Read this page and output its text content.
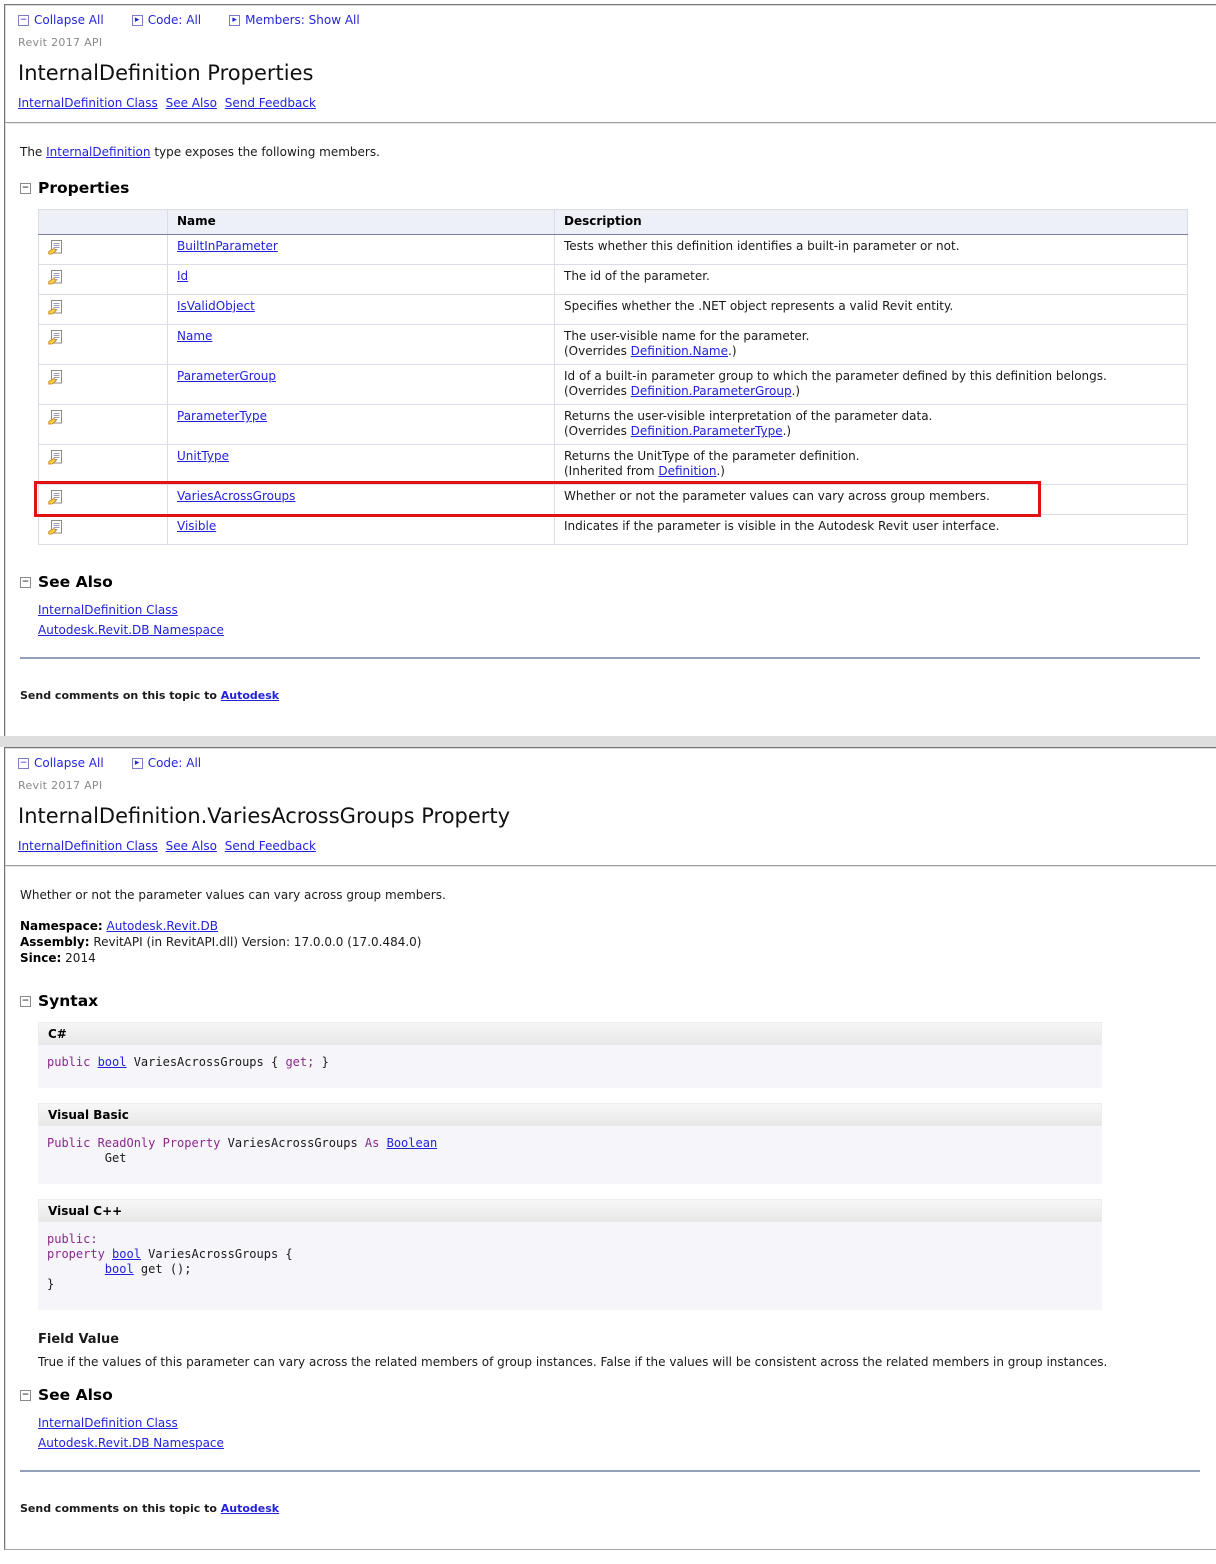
− Collapse All	▸ Code: All	▸ Members: Show All
Revit 2017 API
InternalDefinition Properties
InternalDefinition Class See Also Send Feedback
The InternalDefinition type exposes the following members.
− Properties
	Name	Description
	BuiltInParameter	Tests whether this definition identifies a built-in parameter or not.

	Id	The id of the parameter.

	IsValidObject	Specifies whether the .NET object represents a valid Revit entity.

	Name	The user-visible name for the parameter.
(Overrides Definition.Name.)

	ParameterGroup	Id of a built-in parameter group to which the parameter defined by this definition belongs.
(Overrides Definition.ParameterGroup.)

	ParameterType	Returns the user-visible interpretation of the parameter data.
(Overrides Definition.ParameterType.)

	UnitType	Returns the UnitType of the parameter definition.
(Inherited from Definition.)

	VariesAcrossGroups	Whether or not the parameter values can vary across group members.

	Visible	Indicates if the parameter is visible in the Autodesk Revit user interface.
− See Also
InternalDefinition Class
Autodesk.Revit.DB Namespace
Send comments on this topic to Autodesk
− Collapse All	▸ Code: All
Revit 2017 API
InternalDefinition.VariesAcrossGroups Property
InternalDefinition Class See Also Send Feedback
Whether or not the parameter values can vary across group members.
Namespace: Autodesk.Revit.DB
Assembly: RevitAPI (in RevitAPI.dll) Version: 17.0.0.0 (17.0.484.0)
Since: 2014
− Syntax
C#
public bool VariesAcrossGroups { get; }
Visual Basic
Public ReadOnly Property VariesAcrossGroups As Boolean
Get
Visual C++
public:
property bool VariesAcrossGroups {
bool get ();
}
Field Value
True if the values of this parameter can vary across the related members of group instances. False if the values will be consistent across the related members in group instances.
− See Also
InternalDefinition Class
Autodesk.Revit.DB Namespace
Send comments on this topic to Autodesk
